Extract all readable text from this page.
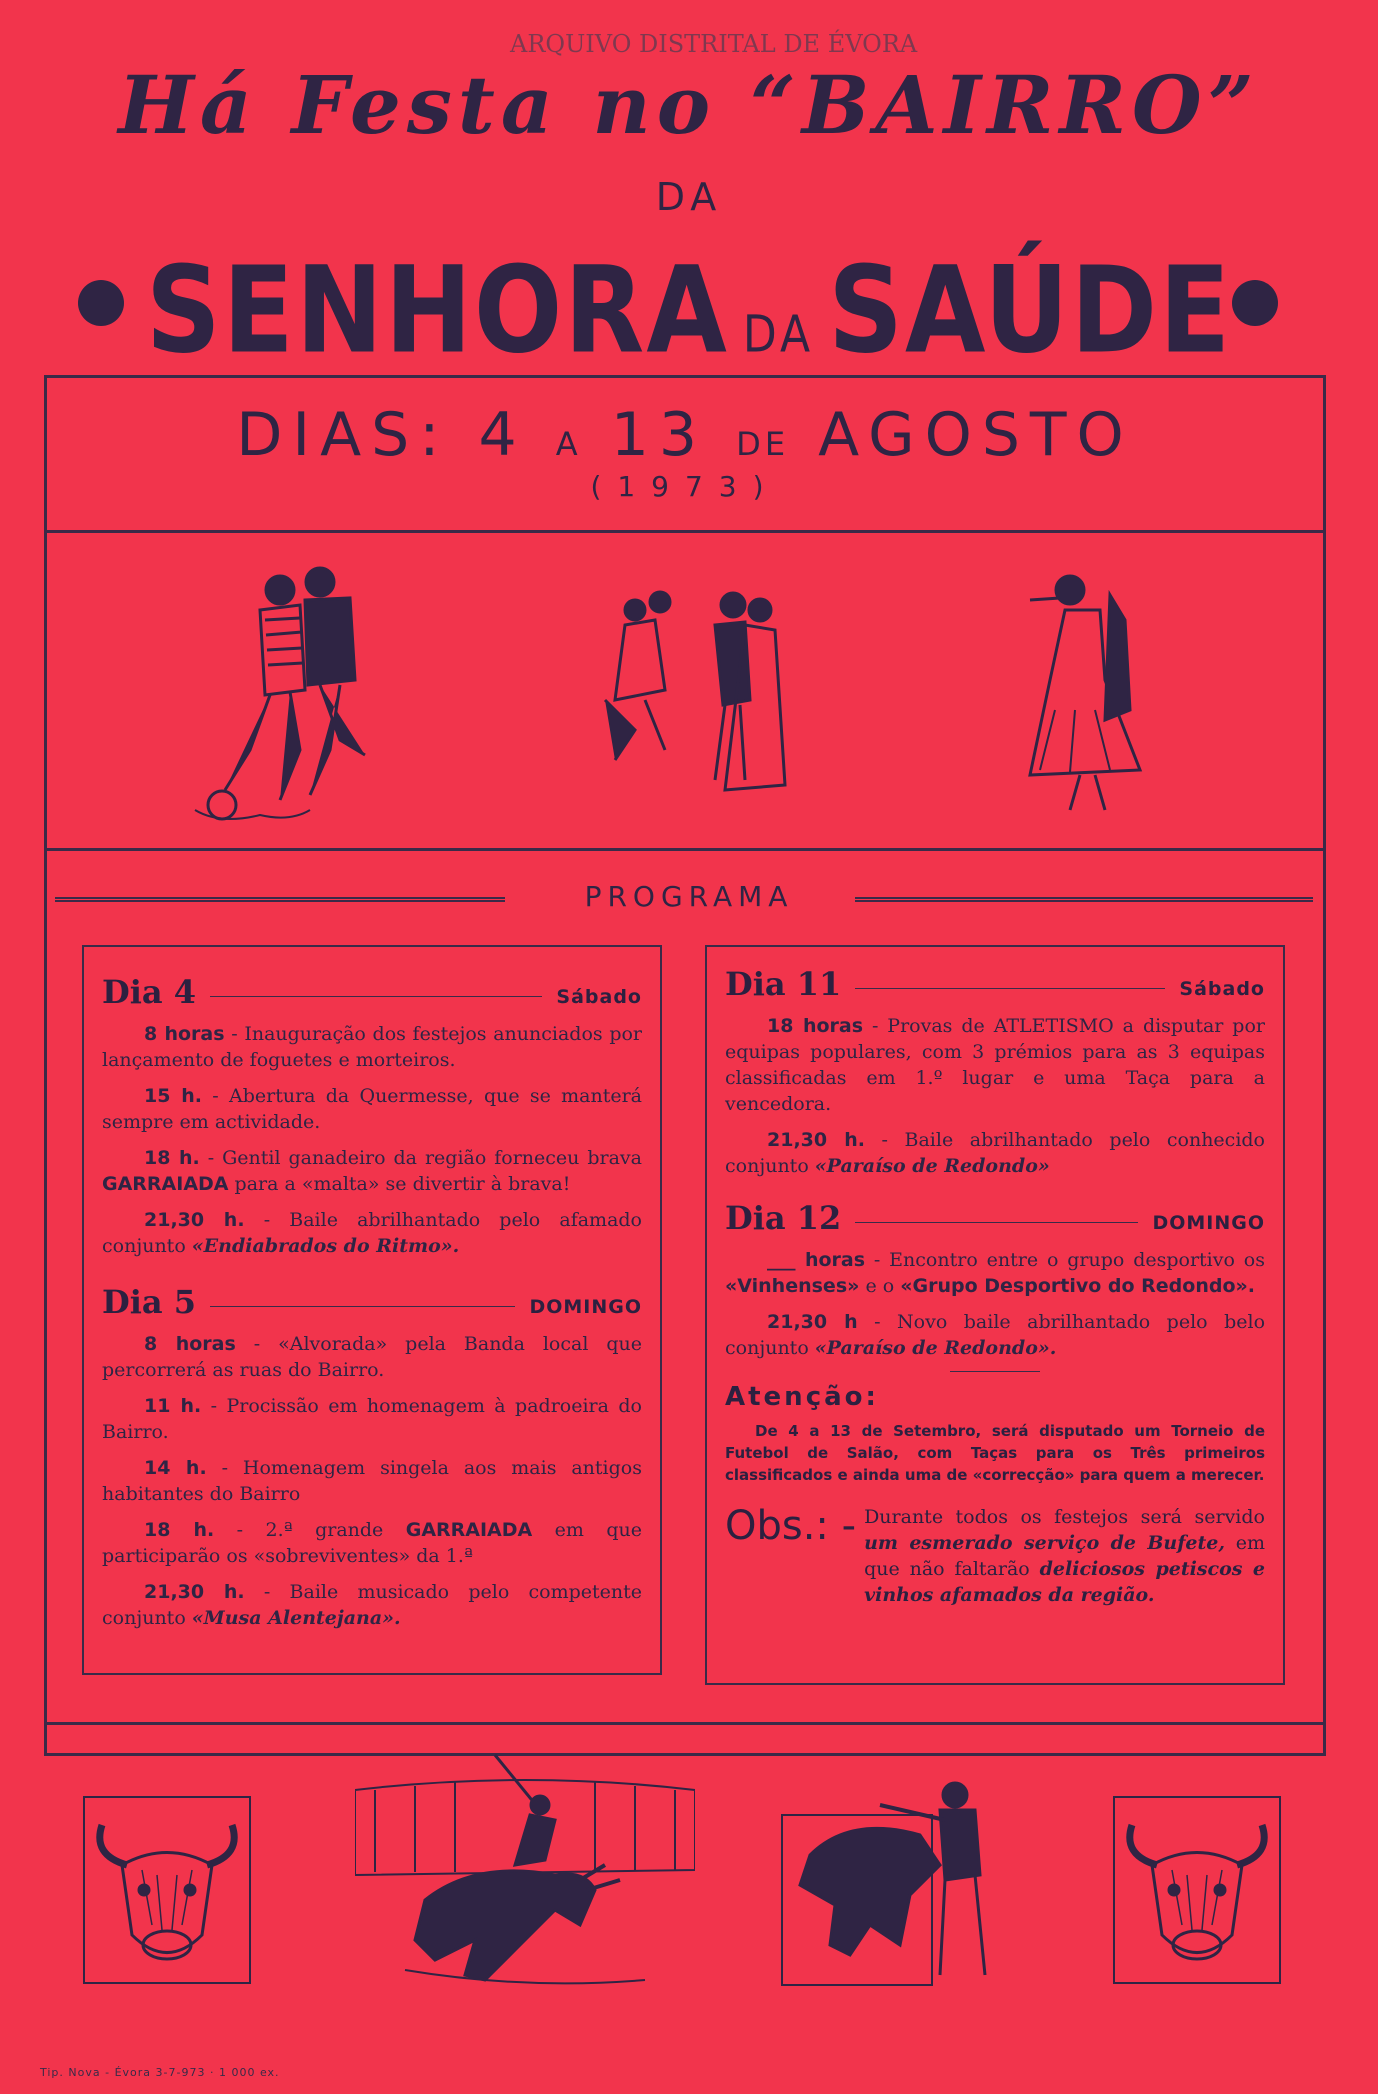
ARQUIVO DISTRITAL DE ÉVORA
Há Festa no “BAIRRO”
DA
SENHORA DA SAÚDE
DIAS: 4 A 13 DE AGOSTO
(1973)
PROGRAMA
Dia 4	Sábado

8 horas - Inauguração dos festejos anunciados por lançamento de foguetes e morteiros.

15 h. - Abertura da Quermesse, que se manterá sempre em actividade.

18 h. - Gentil ganadeiro da região forneceu brava GARRAIADA para a «malta» se divertir à brava!

21,30 h. - Baile abrilhantado pelo afamado conjunto «Endiabrados do Ritmo».

Dia 5	DOMINGO

8 horas - «Alvorada» pela Banda local que percorrerá as ruas do Bairro.

11 h. - Procissão em homenagem à padroeira do Bairro.

14 h. - Homenagem singela aos mais antigos habitantes do Bairro

18 h. - 2.ª grande GARRAIADA em que participarão os «sobreviventes» da 1.ª

21,30 h. - Baile musicado pelo competente conjunto «Musa Alentejana».

Dia 11	Sábado

18 horas - Provas de ATLETISMO a disputar por equipas populares, com 3 prémios para as 3 equipas classificadas em 1.º lugar e uma Taça para a vencedora.

21,30 h. - Baile abrilhantado pelo conhecido conjunto «Paraíso de Redondo»

Dia 12	DOMINGO

___ horas - Encontro entre o grupo desportivo os «Vinhenses» e o «Grupo Desportivo do Redondo».

21,30 h - Novo baile abrilhantado pelo belo conjunto «Paraíso de Redondo».

Atenção:

De 4 a 13 de Setembro, será disputado um Torneio de Futebol de Salão, com Taças para os Três primeiros classificados e ainda uma de «correcção» para quem a merecer.

Obs.: - Durante todos os festejos será servido um esmerado serviço de Bufete, em que não faltarão deliciosos petiscos e vinhos afamados da região.

Tip. Nova - Évora 3-7-973 · 1 000 ex.
